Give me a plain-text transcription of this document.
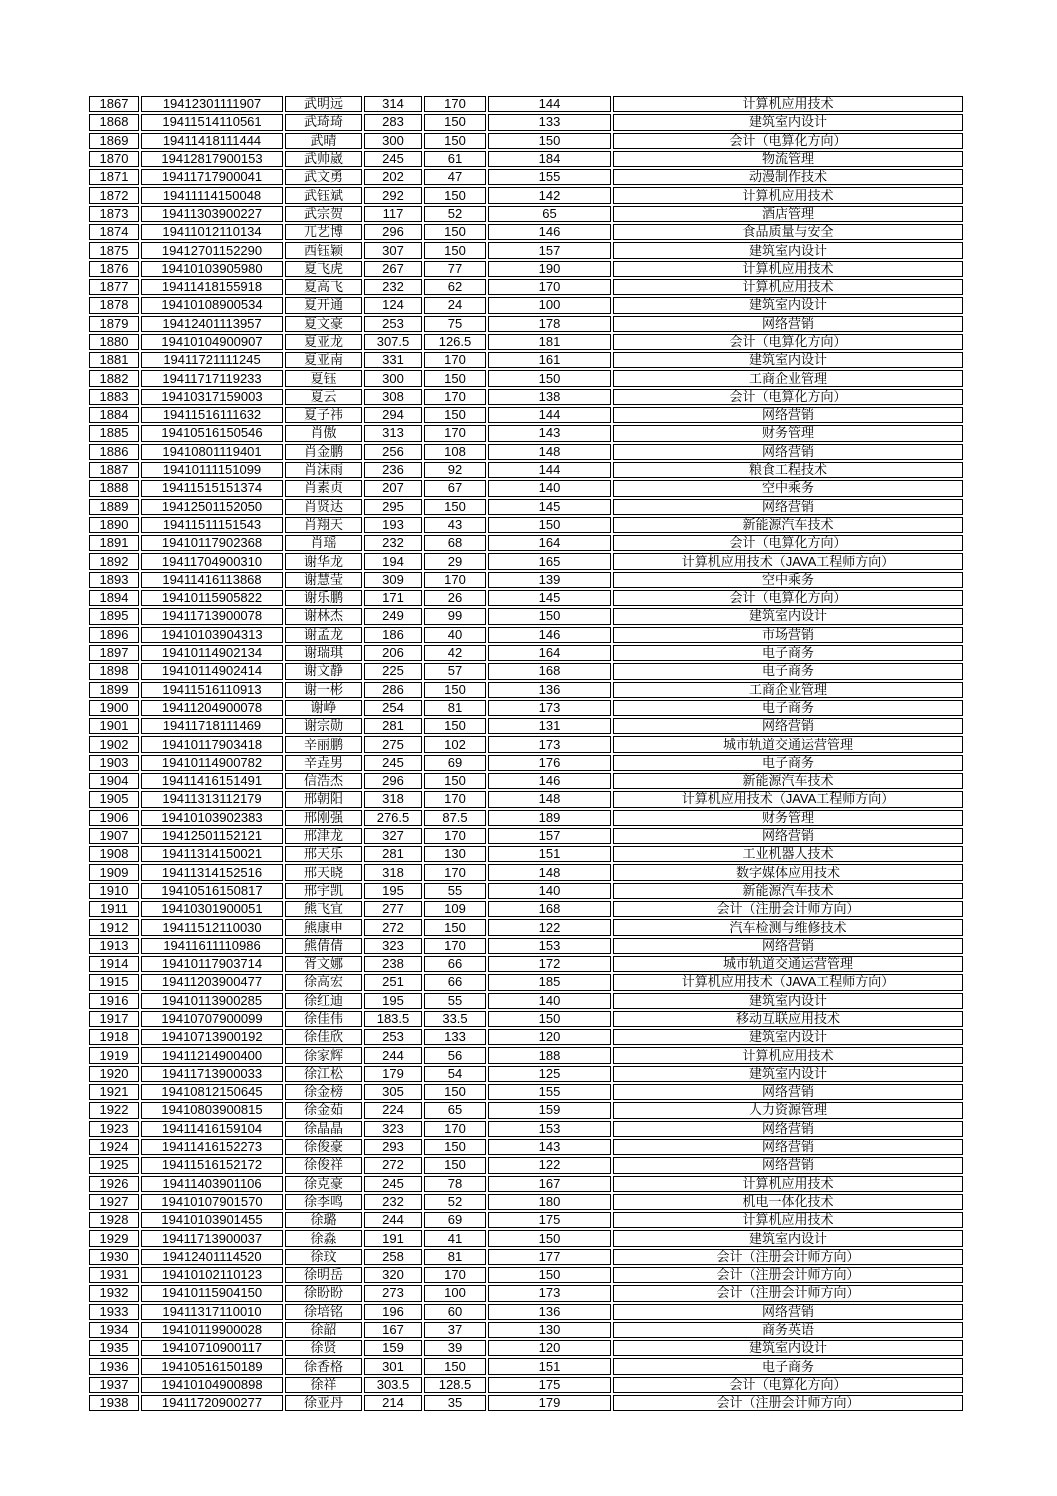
1867	19412301111907	武明远	314	170	144	计算机应用技术
1868	19411514110561	武琦琦	283	150	133	建筑室内设计
1869	19411418111444	武晴	300	150	150	会计（电算化方向）
1870	19412817900153	武帅崴	245	61	184	物流管理
1871	19411717900041	武文勇	202	47	155	动漫制作技术
1872	19411114150048	武钰斌	292	150	142	计算机应用技术
1873	19411303900227	武宗贺	117	52	65	酒店管理
1874	19411012110134	兀艺博	296	150	146	食品质量与安全
1875	19412701152290	西钰颖	307	150	157	建筑室内设计
1876	19410103905980	夏飞虎	267	77	190	计算机应用技术
1877	19411418155918	夏高飞	232	62	170	计算机应用技术
1878	19410108900534	夏开通	124	24	100	建筑室内设计
1879	19412401113957	夏文豪	253	75	178	网络营销
1880	19410104900907	夏亚龙	307.5	126.5	181	会计（电算化方向）
1881	19411721111245	夏亚南	331	170	161	建筑室内设计
1882	19411717119233	夏钰	300	150	150	工商企业管理
1883	19410317159003	夏云	308	170	138	会计（电算化方向）
1884	19411516111632	夏子祎	294	150	144	网络营销
1885	19410516150546	肖傲	313	170	143	财务管理
1886	19410801119401	肖金鹏	256	108	148	网络营销
1887	19410111151099	肖沫雨	236	92	144	粮食工程技术
1888	19411515151374	肖素贞	207	67	140	空中乘务
1889	19412501152050	肖贤达	295	150	145	网络营销
1890	19411511151543	肖翔天	193	43	150	新能源汽车技术
1891	19410117902368	肖瑶	232	68	164	会计（电算化方向）
1892	19411704900310	谢华龙	194	29	165	计算机应用技术（JAVA工程师方向）
1893	19411416113868	谢慧莹	309	170	139	空中乘务
1894	19410115905822	谢乐鹏	171	26	145	会计（电算化方向）
1895	19411713900078	谢林杰	249	99	150	建筑室内设计
1896	19410103904313	谢孟龙	186	40	146	市场营销
1897	19410114902134	谢瑞琪	206	42	164	电子商务
1898	19410114902414	谢文静	225	57	168	电子商务
1899	19411516110913	谢一彬	286	150	136	工商企业管理
1900	19411204900078	谢峥	254	81	173	电子商务
1901	19411718111469	谢宗勋	281	150	131	网络营销
1902	19410117903418	辛丽鹏	275	102	173	城市轨道交通运营管理
1903	19410114900782	辛垚男	245	69	176	电子商务
1904	19411416151491	信浩杰	296	150	146	新能源汽车技术
1905	19411313112179	邢朝阳	318	170	148	计算机应用技术（JAVA工程师方向）
1906	19410103902383	邢刚强	276.5	87.5	189	财务管理
1907	19412501152121	邢津龙	327	170	157	网络营销
1908	19411314150021	邢天乐	281	130	151	工业机器人技术
1909	19411314152516	邢天晓	318	170	148	数字媒体应用技术
1910	19410516150817	邢宇凯	195	55	140	新能源汽车技术
1911	19410301900051	熊飞宜	277	109	168	会计（注册会计师方向）
1912	19411512110030	熊康申	272	150	122	汽车检测与维修技术
1913	19411611110986	熊倩倩	323	170	153	网络营销
1914	19410117903714	胥文娜	238	66	172	城市轨道交通运营管理
1915	19411203900477	徐高宏	251	66	185	计算机应用技术（JAVA工程师方向）
1916	19410113900285	徐红迪	195	55	140	建筑室内设计
1917	19410707900099	徐佳伟	183.5	33.5	150	移动互联应用技术
1918	19410713900192	徐佳欣	253	133	120	建筑室内设计
1919	19411214900400	徐家辉	244	56	188	计算机应用技术
1920	19411713900033	徐江松	179	54	125	建筑室内设计
1921	19410812150645	徐金榜	305	150	155	网络营销
1922	19410803900815	徐金茹	224	65	159	人力资源管理
1923	19411416159104	徐晶晶	323	170	153	网络营销
1924	19411416152273	徐俊豪	293	150	143	网络营销
1925	19411516152172	徐俊祥	272	150	122	网络营销
1926	19411403901106	徐克豪	245	78	167	计算机应用技术
1927	19410107901570	徐李鸣	232	52	180	机电一体化技术
1928	19410103901455	徐璐	244	69	175	计算机应用技术
1929	19411713900037	徐淼	191	41	150	建筑室内设计
1930	19412401114520	徐玟	258	81	177	会计（注册会计师方向）
1931	19410102110123	徐明岳	320	170	150	会计（注册会计师方向）
1932	19410115904150	徐盼盼	273	100	173	会计（注册会计师方向）
1933	19411317110010	徐培铭	196	60	136	网络营销
1934	19410119900028	徐韶	167	37	130	商务英语
1935	19410710900117	徐贤	159	39	120	建筑室内设计
1936	19410516150189	徐香格	301	150	151	电子商务
1937	19410104900898	徐祥	303.5	128.5	175	会计（电算化方向）
1938	19411720900277	徐亚丹	214	35	179	会计（注册会计师方向）
